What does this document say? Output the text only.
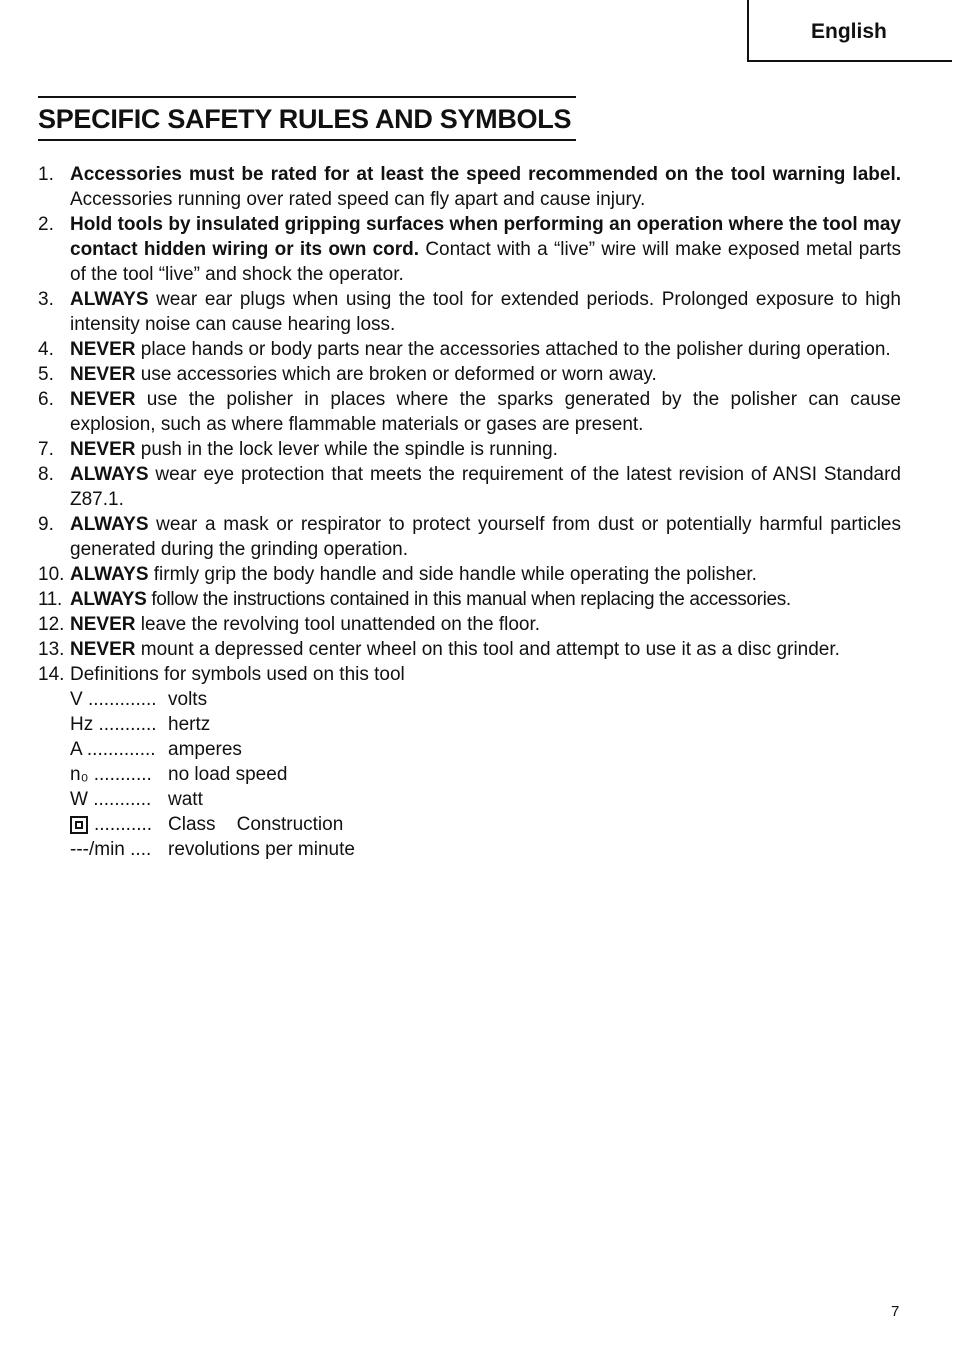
English
SPECIFIC SAFETY RULES AND SYMBOLS
1. Accessories must be rated for at least the speed recommended on the tool warning label. Accessories running over rated speed can fly apart and cause injury.
2. Hold tools by insulated gripping surfaces when performing an operation where the tool may contact hidden wiring or its own cord. Contact with a “live” wire will make exposed metal parts of the tool “live” and shock the operator.
3. ALWAYS wear ear plugs when using the tool for extended periods. Prolonged exposure to high intensity noise can cause hearing loss.
4. NEVER place hands or body parts near the accessories attached to the polisher during operation.
5. NEVER use accessories which are broken or deformed or worn away.
6. NEVER use the polisher in places where the sparks generated by the polisher can cause explosion, such as where flammable materials or gases are present.
7. NEVER push in the lock lever while the spindle is running.
8. ALWAYS wear eye protection that meets the requirement of the latest revision of ANSI Standard Z87.1.
9. ALWAYS wear a mask or respirator to protect yourself from dust or potentially harmful particles generated during the grinding operation.
10. ALWAYS firmly grip the body handle and side handle while operating the polisher.
11. ALWAYS follow the instructions contained in this manual when replacing the accessories.
12. NEVER leave the revolving tool unattended on the floor.
13. NEVER mount a depressed center wheel on this tool and attempt to use it as a disc grinder.
14. Definitions for symbols used on this tool
V ............. volts
Hz ........... hertz
A ............. amperes
n₀ ........... no load speed
W ........... watt
........... Class    Construction
---/min .... revolutions per minute
7
